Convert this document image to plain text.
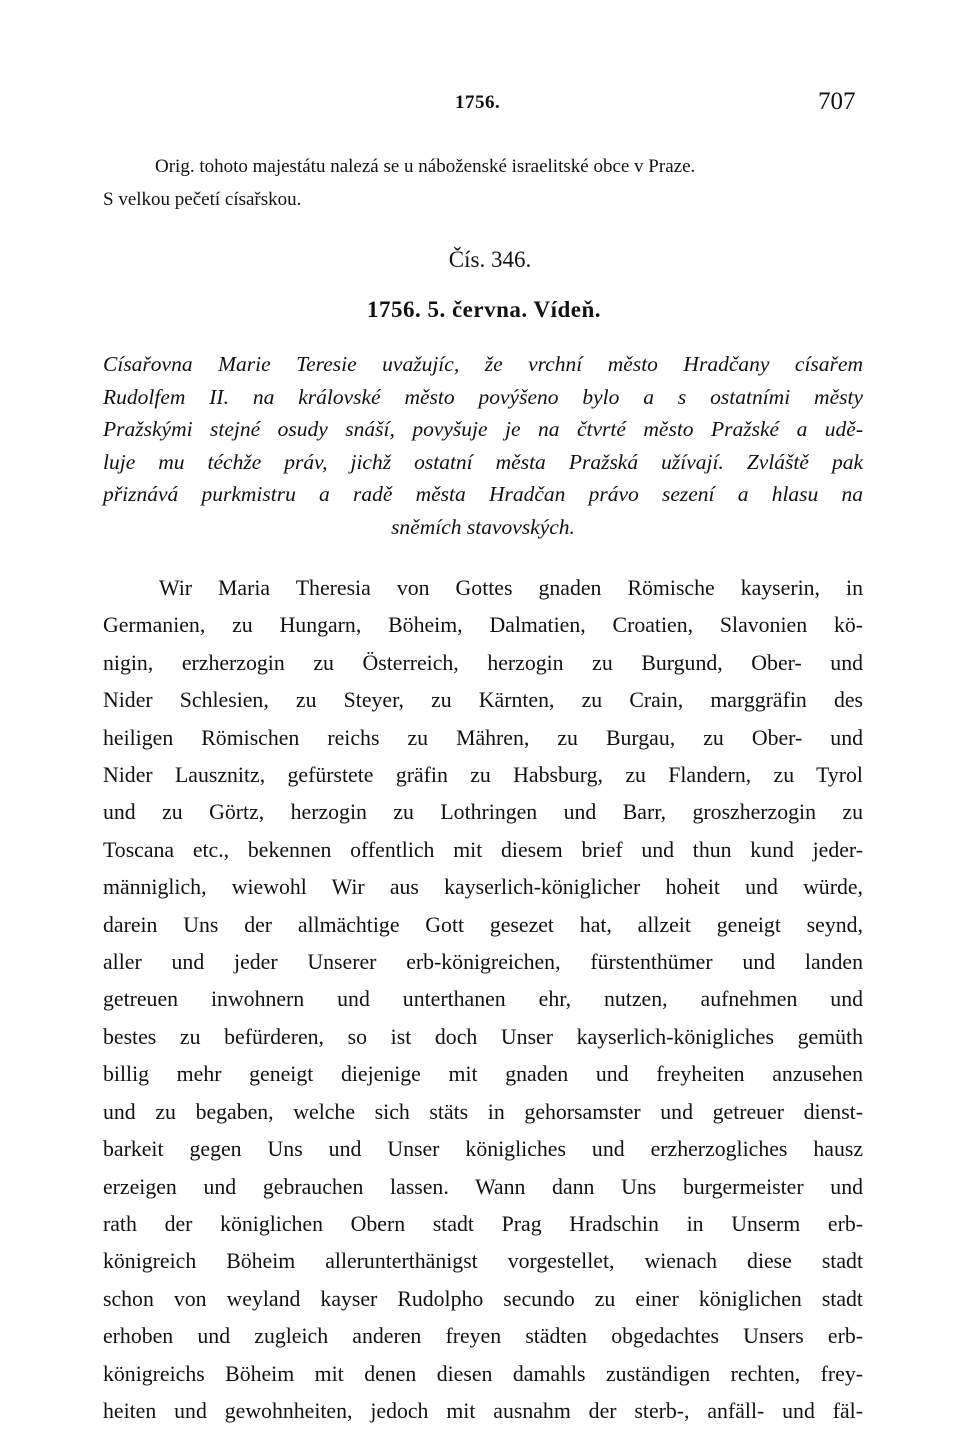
1756.	707
Orig. tohoto majestátu nalezá se u náboženské israelitské obce v Praze.
S velkou pečetí císařskou.
Čís. 346.
1756. 5. června. Vídeň.
Císařovna Marie Teresie uvažujíc, že vrchní město Hradčany císařem
Rudolfem II. na královské město povýšeno bylo a s ostatními městy
Pražskými stejné osudy snáší, povyšuje je na čtvrté město Pražské a udě-
luje mu téchže práv, jichž ostatní města Pražská užívají. Zvláště pak
přiznává purkmistru a radě města Hradčan právo sezení a hlasu na
sněmích stavovských.
Wir Maria Theresia von Gottes gnaden Römische kayserin, in
Germanien, zu Hungarn, Böheim, Dalmatien, Croatien, Slavonien kö-
nigin, erzherzogin zu Österreich, herzogin zu Burgund, Ober- und
Nider Schlesien, zu Steyer, zu Kärnten, zu Crain, marggräfin des
heiligen Römischen reichs zu Mähren, zu Burgau, zu Ober- und
Nider Lausznitz, gefürstete gräfin zu Habsburg, zu Flandern, zu Tyrol
und zu Görtz, herzogin zu Lothringen und Barr, groszherzogin zu
Toscana etc., bekennen offentlich mit diesem brief und thun kund jeder-
männiglich, wiewohl Wir aus kayserlich-königlicher hoheit und würde,
darein Uns der allmächtige Gott gesezet hat, allzeit geneigt seynd,
aller und jeder Unserer erb-königreichen, fürstenthümer und landen
getreuen inwohnern und unterthanen ehr, nutzen, aufnehmen und
bestes zu befürderen, so ist doch Unser kayserlich-königliches gemüth
billig mehr geneigt diejenige mit gnaden und freyheiten anzusehen
und zu begaben, welche sich stäts in gehorsamster und getreuer dienst-
barkeit gegen Uns und Unser königliches und erzherzogliches hausz
erzeigen und gebrauchen lassen. Wann dann Uns burgermeister und
rath der königlichen Obern stadt Prag Hradschin in Unserm erb-
königreich Böheim allerunterthänigst vorgestellet, wienach diese stadt
schon von weyland kayser Rudolpho secundo zu einer königlichen stadt
erhoben und zugleich anderen freyen städten obgedachtes Unsers erb-
königreichs Böheim mit denen diesen damahls zuständigen rechten, frey-
heiten und gewohnheiten, jedoch mit ausnahm der sterb-, anfäll- und fäl-
